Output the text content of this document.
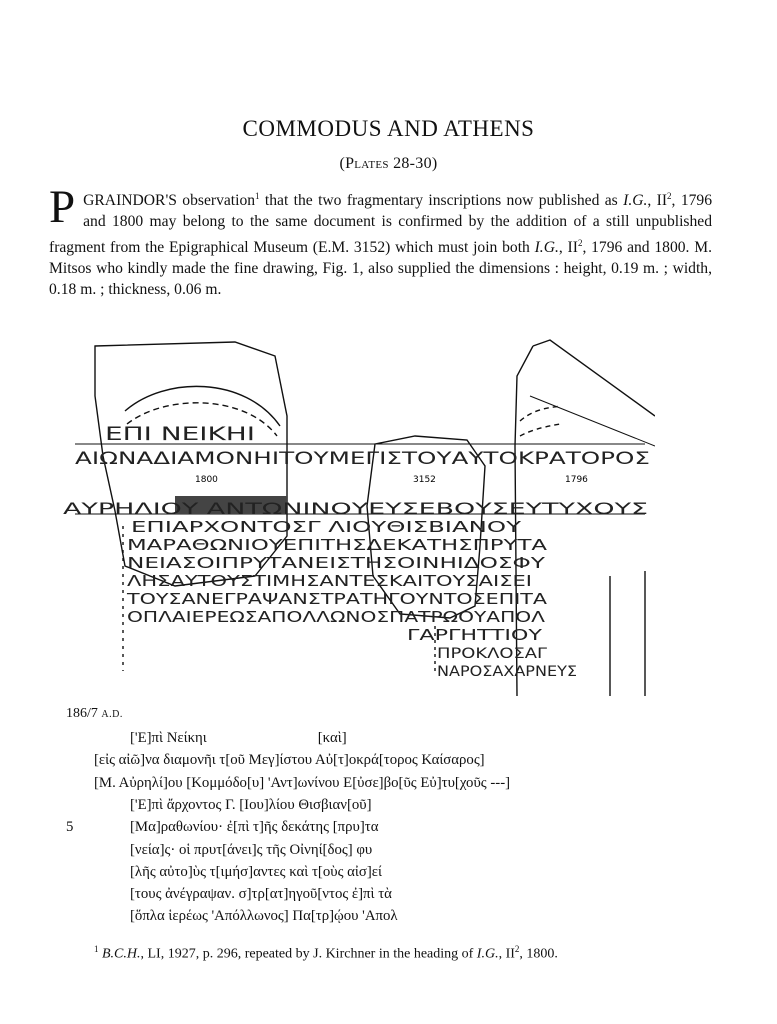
COMMODUS AND ATHENS
(Plates 28-30)
PGRAINDOR'S observation$^1$ that the two fragmentary inscriptions now published as I.G., $II^2$, 1796 and 1800 may belong to the same document is confirmed by the addition of a still unpublished fragment from the Epigraphical Museum (E.M. 3152) which must join both I.G., $II^2$, 1796 and 1800. M. Mitsos who kindly made the fine drawing, Fig. 1, also supplied the dimensions : height, 0.19 m. ; width, 0.18 m. ; thickness, 0.06 m.
1800	3152	1796
ΕΠΙ ΝΕΙΚΗΙ
ΑΙΩΝΑΔΙΑΜΟΝΗΙΤΟΥΜΕΓΙΣΤΟΥΑΥΤΟΚΡΑΤΟΡΟΣ
ΑΥΡΗΛΙΟΥ ΑΝΤΩΝΙΝΟΥΕΥΣΕΒΟΥΣΕΥΤΥΧΟΥΣ
ΕΠΙΑΡΧΟΝΤΟΣΓ ΛΙΟΥΘΙΣΒΙΑΝΟΥ
ΜΑΡΑΘΩΝΙΟΥΕΠΙΤΗΣΔΕΚΑΤΗΣΠΡΥΤΑ
ΝΕΙΑΣΟΙΠΡΥΤΑΝΕΙΣΤΗΣΟΙΝΗΙΔΟΣΦΥ
ΛΗΣΑΥΤΟΥΣΤΙΜΗΣΑΝΤΕΣΚΑΙΤΟΥΣΑΙΣΕΙ
ΤΟΥΣΑΝΕΓΡΑΨΑΝΣΤΡΑΤΗΓΟΥΝΤΟΣΕΠΙΤΑ
ΟΠΛΑΙΕΡΕΩΣΑΠΟΛΛΩΝΟΣΠΑΤΡΩΟΥΑΠΟΛ
ΓΑΡΓΗΤΤΙΟΥ
ΠΡΟΚΛΟΣΑΓ
ΝΑΡΟΣΑΧΑΡΝΕΥΣ
186/7 A.D.
['Ε]πὶ Νείκηι                              [καὶ]
[εἰς αἰῶ]να διαμονῆι τ[οῦ Μεγ]ίστου Αὐ[τ]οκρά[τορος Καίσαρος]
[Μ. Αὐρηλί]ου [Κομμόδο[υ] 'Αντ]ωνίνου Ε[ὐσε]βο[ῦς Εὐ]τυ[χοῦς ---]
['Ε]πὶ ἄρχοντος Γ. [Ιου]λίου Θισβιαν[οῦ]
5	[Μα]ραθωνίου· ἐ[πὶ τ]ῆς δεκάτης [πρυ]τα
[νεία]ς· οἱ πρυτ[άνει]ς τῆς Οἰνηί[δος] φυ
[λῆς αὐτο]ὺς τ[ιμήσ]αντες καὶ τ[οὺς αἰσ]εί
[τους ἀνέγραψαν. σ]τρ[ατ]ηγοῦ[ντος ἐ]πὶ τὰ
[ὅπλα ἱερέως 'Απόλλωνος] Πα[τρ]ῴου 'Απολ
$^1$ B.C.H., LI, 1927, p. 296, repeated by J. Kirchner in the heading of I.G., $II^2$, 1800.
